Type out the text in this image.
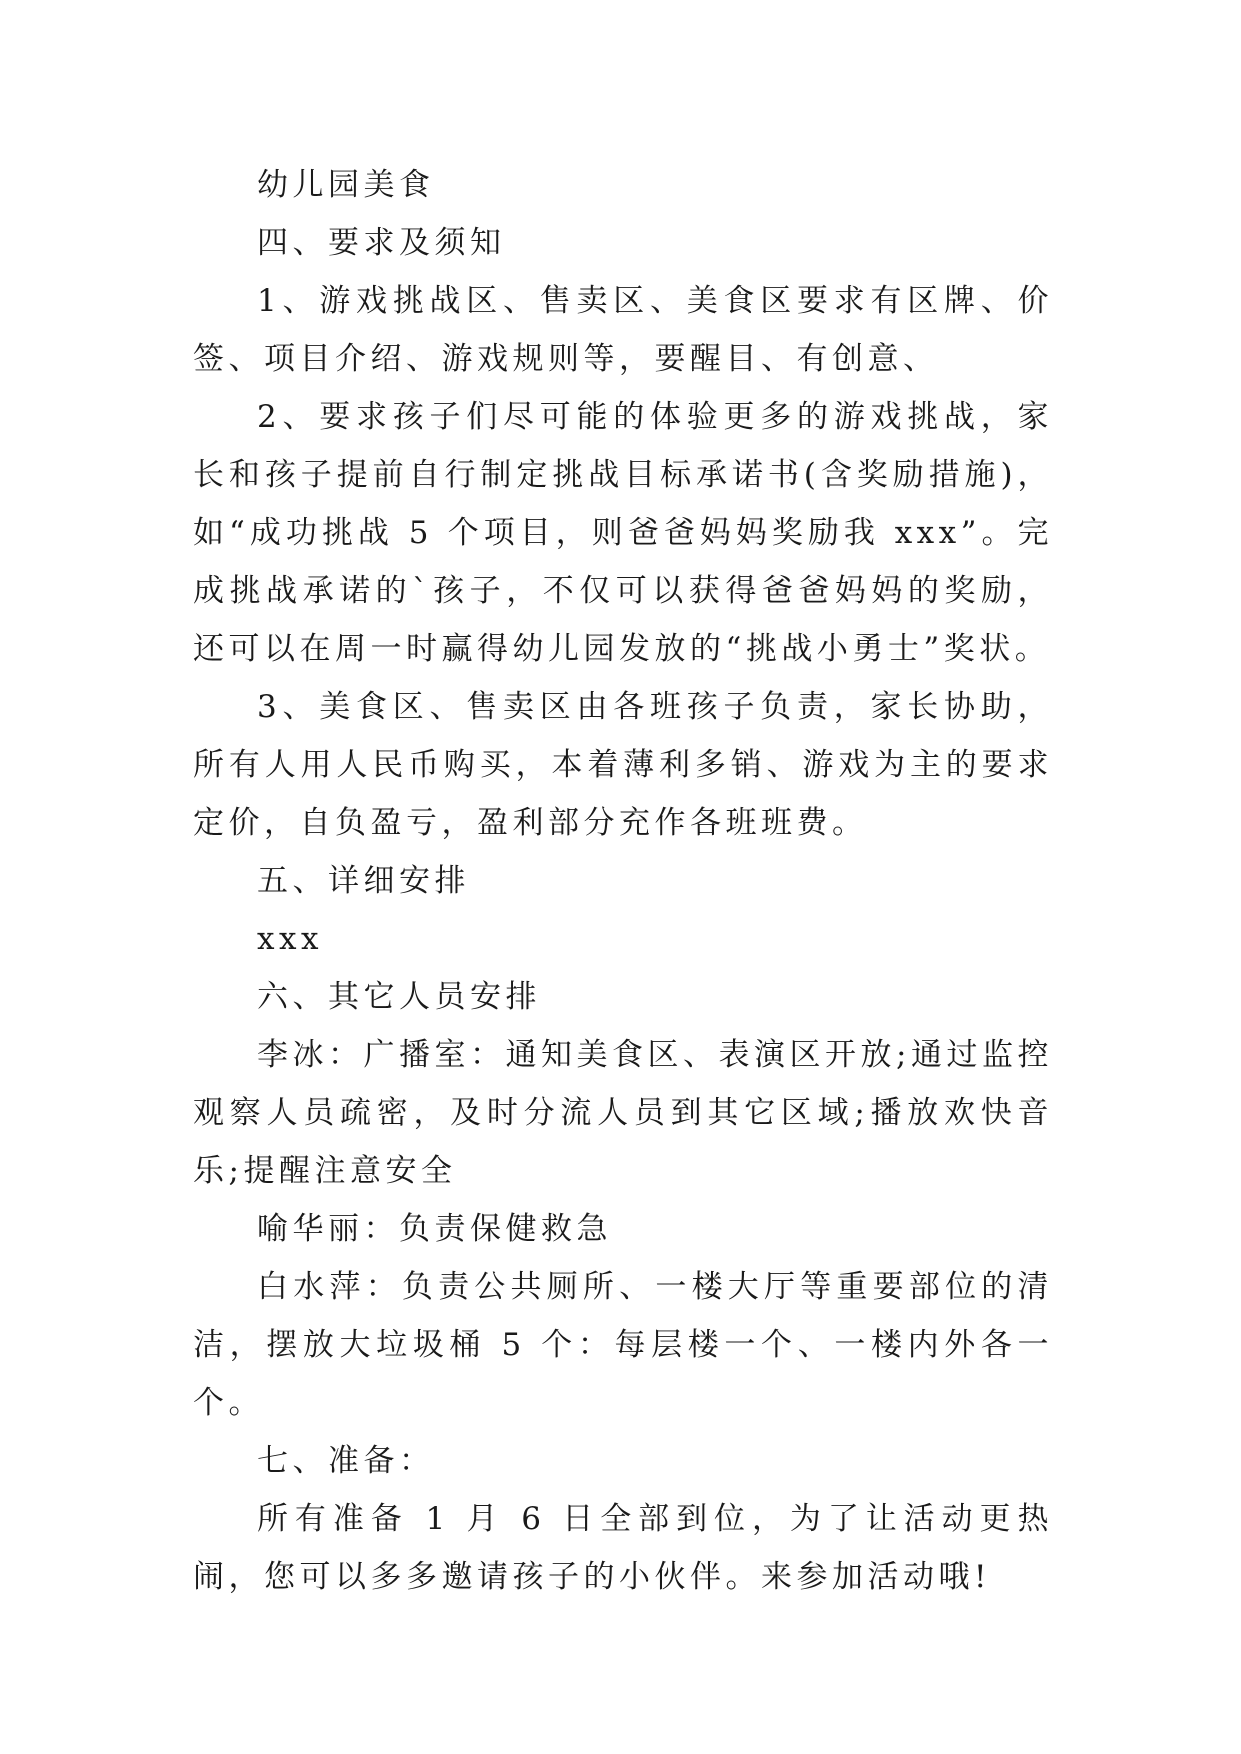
幼儿园美食

四、要求及须知

1、游戏挑战区、售卖区、美食区要求有区牌、价签、项目介绍、游戏规则等，要醒目、有创意、

2、要求孩子们尽可能的体验更多的游戏挑战，家长和孩子提前自行制定挑战目标承诺书(含奖励措施)，如“成功挑战 5 个项目，则爸爸妈妈奖励我 xxx”。完成挑战承诺的`孩子，不仅可以获得爸爸妈妈的奖励，还可以在周一时赢得幼儿园发放的“挑战小勇士”奖状。

3、美食区、售卖区由各班孩子负责，家长协助，所有人用人民币购买，本着薄利多销、游戏为主的要求定价，自负盈亏，盈利部分充作各班班费。

五、详细安排

xxx

六、其它人员安排

李冰：广播室：通知美食区、表演区开放;通过监控观察人员疏密，及时分流人员到其它区域;播放欢快音乐;提醒注意安全

喻华丽：负责保健救急

白水萍：负责公共厕所、一楼大厅等重要部位的清洁，摆放大垃圾桶 5 个：每层楼一个、一楼内外各一个。

七、准备：

所有准备 1 月 6 日全部到位，为了让活动更热闹，您可以多多邀请孩子的小伙伴。来参加活动哦!
